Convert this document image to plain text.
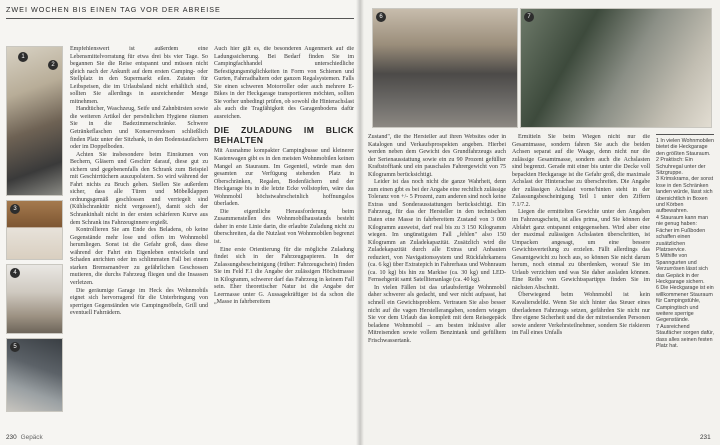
ZWEI WOCHEN BIS EINEN TAG VOR DER ABREISE
1
2
3
4
5

Empfehlenswert ist außerdem eine Lebensmittelvorratung für etwa drei bis vier Tage. So begannen Sie die Reise entspannt und müssen nicht gleich nach der Ankunft auf dem ersten Camping- oder Stellplatz in den Supermarkt eilen. Zutaten für Leibspeisen, die im Urlaubsland nicht erhältlich sind, sollten Sie allerdings in ausreichender Menge mitnehmen.

Handtücher, Waschzeug, Seife und Zahnbürsten sowie die weiteren Artikel der persönlichen Hygiene räumen Sie in die Badezimmerschränke. Schwere Getränkeflaschen und Konservendosen schließlich finden Platz unter der Sitzbank, in den Bodenstaufächern oder im Doppelboden.

Achten Sie insbesondere beim Einräumen von Bechern, Gläsern und Geschirr darauf, diese gut zu sichern und gegebenenfalls den Schrank zum Beispiel mit Geschirrtüchern auszupolstern. So wird während der Fahrt nichts zu Bruch gehen. Stellen Sie außerdem sicher, dass alle Türen und Möbelklappen ordnungsgemäß geschlossen und verriegelt sind (Kühlschranktür nicht vergessen!), damit sich der Schrankinhalt nicht in der ersten schärferen Kurve aus dem Schrank ins Fahrzeuginnere ergießt.

Kontrollieren Sie am Ende des Beladens, ob keine Gegenstände mehr lose und offen im Wohnmobil herumliegen. Sonst ist die Gefahr groß, dass diese während der Fahrt ein Eigenleben entwickeln und Schaden anrichten oder im schlimmsten Fall bei einem starken Bremsmanöver zu gefährlichen Geschossen mutieren, die durchs Fahrzeug fliegen und die Insassen verletzen.

Die geräumige Garage im Heck des Wohnmobils eignet sich hervorragend für die Unterbringung von sperrigen Gegenständen wie Campingmöbeln, Grill und eventuell Fahrrädern.

Auch hier gilt es, die besonderen Augenmerk auf die Ladungssicherung. Bei Bedarf finden Sie im Campingfachhandel unterschiedliche Befestigungsmöglichkeiten in Form von Schienen und Gurten, Fahrradhaltern oder ganzen Regalsystemen. Falls Sie einen schweren Motorroller oder auch mehrere E-Bikes in der Heckgarage transportieren möchten, sollten Sie vorher unbedingt prüfen, ob sowohl die Hinterachslast als auch die Tragfähigkeit des Garagenbodens dafür ausreichen.

DIE ZULADUNG IM BLICK BEHALTEN

Mit Ausnahme kompakter Campingbusse und kleinerer Kastenwagen gibt es in den meisten Wohnmobilen keinen Mangel an Stauraum. Im Gegenteil, würde man den gesamten zur Verfügung stehenden Platz in Oberschränken, Regalen, Bodenfächern und der Heckgarage bis in die letzte Ecke vollstopfen, wäre das Wohnmobil höchstwahrscheinlich hoffnungslos überladen.

Die eigentliche Herausforderung beim Zusammenstellen des Wohnmobilhausstands besteht daher in erste Linie darin, die erlaubte Zuladung nicht zu überschreiten, da die Nutzlast von Wohnmobilen begrenzt ist.

Eine erste Orientierung für die mögliche Zuladung findet sich in der Fahrzeugpapieren. In der Zulassungsbescheinigung (früher: Fahrzeugschein) finden Sie im Feld F.1 die Angabe der zulässigen Höchstmasse in Kilogramm, schwerer darf das Fahrzeug in keinem Fall sein. Eher theoretischer Natur ist die Angabe der Leermasse unter G. Aussagekräftiger ist da schon die „Masse in fahrbereitem

230 Gepäck	231
6	7

Zustand", die the Hersteller auf ihren Websites oder in Katalogen und Verkaufsprospekten angeben. Hierbei werden neben dem Gewicht des Grundfahrzeugs auch der Serienausstattung sowie ein zu 90 Prozent gefüllter Kraftstofftank und ein pauschales Fahrergewicht von 75 Kilogramm berücksichtigt.

Leider ist das noch nicht die ganze Wahrheit, denn zum einen gibt es bei der Angabe eine rechtlich zulässige Toleranz von +/- 5 Prozent, zum anderen sind noch keine Extras und Sonderausstattungen berücksichtigt. Ein Fahrzeug, für das der Hersteller in den technischen Daten eine Masse in fahrbereitem Zustand von 3 000 Kilogramm ausweist, darf real bis zu 3 150 Kilogramm wiegen. Im ungünstigsten Fall „fehlen" also 150 Kilogramm an Zuladekapazität. Zusätzlich wird die Zuladekapazität durch alle Extras und Anbauten reduziert, von Navigationssystem und Rückfahrkamera (ca. 6 kg) über Extratepich in Fahrerhaus und Wohnraum (ca. 10 kg) bis hin zu Markise (ca. 30 kg) und LED-Fernsehgerät samt Satellitenanlage (ca. 40 kg).

In vielen Fällen ist das urlaubsfertige Wohnmobil daher schwerer als gedacht, und wer nicht aufpasst, hat schnell ein Gewichtsproblem. Vertrauen Sie also besser nicht auf die vagen Herstellerangaben, sondern wiegen Sie vor dem Urlaub das komplett mit dem Reisegepäck beladene Wohnmobil – am besten inklusive aller Mitreisenden sowie vollem Benzintank und gefülltem Frischwassertank.

Ermitteln Sie beim Wiegen nicht nur die Gesamtmasse, sondern fahren Sie auch die beiden Achsen separat auf die Waage, denn nicht nur die zulässige Gesamtmasse, sondern auch die Achslasten sind begrenzt. Gerade mit einer bis unter die Decke voll bepackten Heckgarage ist die Gefahr groß, die maximale Achslast der Hinterachse zu überschreiten. Die Angabe der zulässigen Achslast vorne/hinten steht in der Zulassungsbescheinigung Teil 1 unter den Ziffern 7.1/7.2.

Liegen die ermittelten Gewichte unter den Angaben im Fahrzeugschein, ist alles prima, und Sie können der Abfahrt ganz entspannt entgegensehen. Wird aber eine der maximal zulässigen Achslasten überschritten, ist Umpacken angesagt, um eine bessere Gewichtsverteilung zu erzielen. Fällt allerdings das Gesamtgewicht zu hoch aus, so können Sie nicht darum herum, noch einmal zu überdenken, worauf Sie im Urlaub verzichten und was Sie daher ausladen können. Eine Reihe von Gewichtsspartipps finden Sie im nächsten Abschnitt.

Überwiegend beim Wohnmobil ist kein Kavaliersdelikt. Wenn Sie sich hinter das Steuer eines überladenen Fahrzeugs setzen, gefährden Sie nicht nur Ihre eigene Sicherheit und die der mitreisenden Personen sowie anderer Verkehrsteilnehmer, sondern Sie riskieren im Fall eines Unfalls

1 In vielen Wohnmobilen bietet die Heckgarage den größten Stauraum.
2 Praktisch: Ein Schuhregal unter der Sitzgruppe.
3 Krimskrams, der sonst lose in den Schränken landen würde, lässt sich übersichtlich in Boxen und Körben aufbewahren.
4 Stauraum kann man nie genug haben: Fächer im Fußboden schaffen einen zusätzlichen Platzservice.
5 Mithilfe von Spanngurten und Verzurrösen lässt sich das Gepäck in der Heckgarage sichern.
6 Die Heckgarage ist ein willkommener Stauraum für Campingstühle, Campingtisch und weitere sperrige Gegenstände.
7 Ausreichend Staufächer sorgen dafür, dass alles seinen festen Platz hat.
